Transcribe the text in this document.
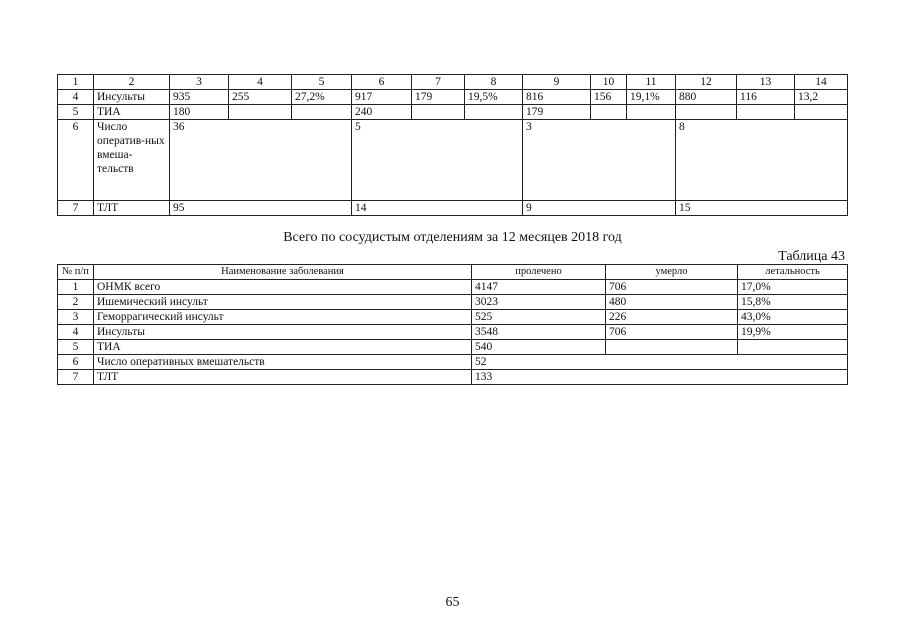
1	2	3	4	5	6	7	8	9	10	11	12	13	14
4	Инсульты	935	255	27,2%	917	179	19,5%	816	156	19,1%	880	116	13,2
5	ТИА	180			240			179					
6	Число оператив-ных вмеша-тельств	36			5			3			8		
7	ТЛТ	95			14			9			15		
Всего по сосудистым отделениям за 12 месяцев 2018 год
Таблица 43
№ п/п	Наименование заболевания	пролечено	умерло	летальность
1	ОНМК всего	4147	706	17,0%
2	Ишемический инсульт	3023	480	15,8%
3	Геморрагический инсульт	525	226	43,0%
4	Инсульты	3548	706	19,9%
5	ТИА	540		
6	Число оперативных вмешательств	52		
7	ТЛТ	133		
65
